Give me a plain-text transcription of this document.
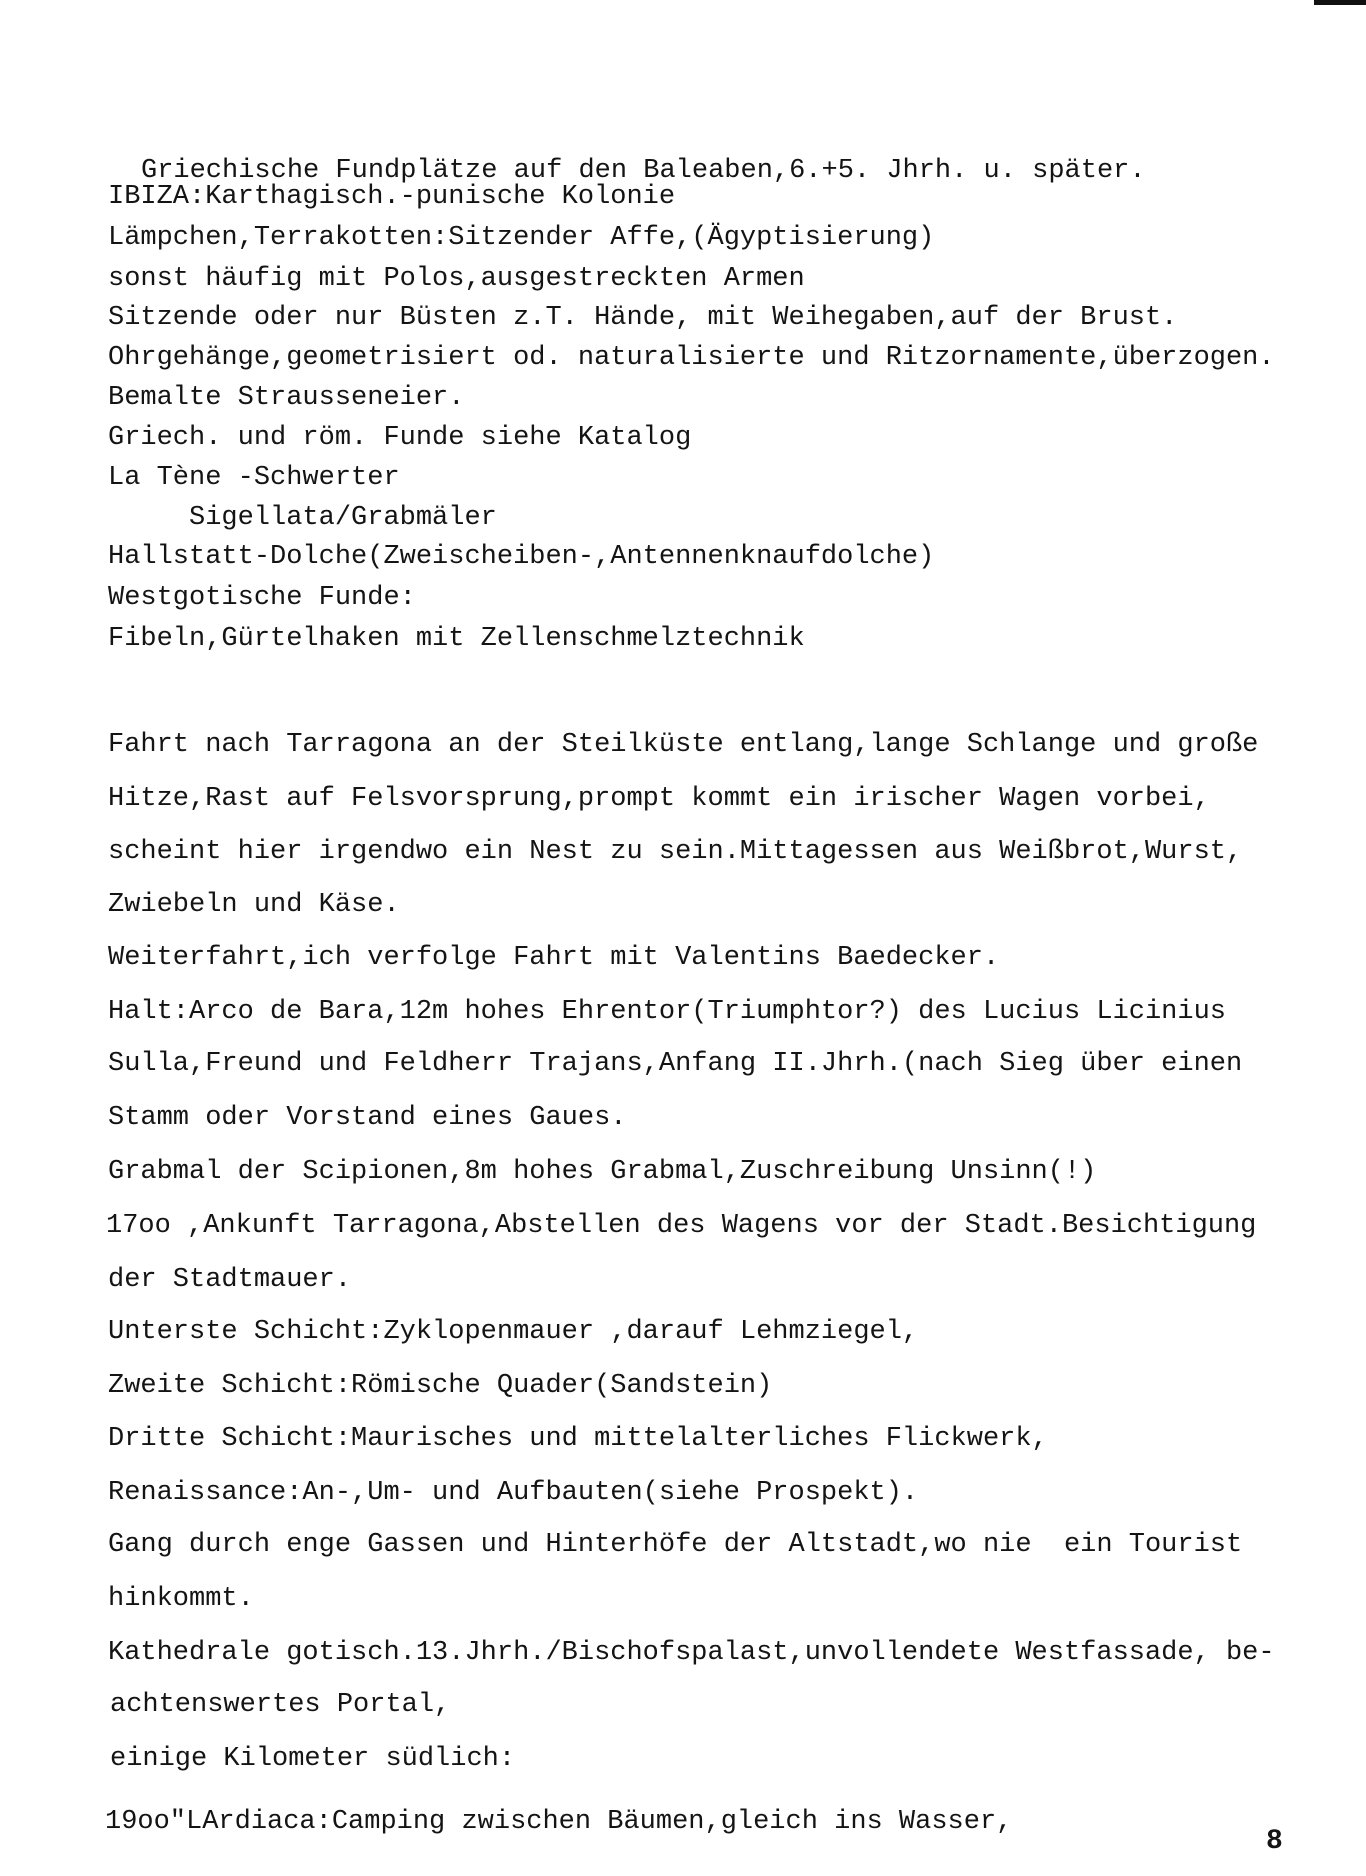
Griechische Fundplätze auf den Baleaben,6.+5. Jhrh. u. später.
IBIZA:Karthagisch.-punische Kolonie
Lämpchen,Terrakotten:Sitzender Affe,(Ägyptisierung)
sonst häufig mit Polos,ausgestreckten Armen
Sitzende oder nur Büsten z.T. Hände, mit Weihegaben,auf der Brust.
Ohrgehänge,geometrisiert od. naturalisierte und Ritzornamente,überzogen.
Bemalte Strausseneier.
Griech. und röm. Funde siehe Katalog
La Tène -Schwerter
Sigellata/Grabmäler
Hallstatt-Dolche(Zweischeiben-,Antennenknaufdolche)
Westgotische Funde:
Fibeln,Gürtelhaken mit Zellenschmelztechnik
Fahrt nach Tarragona an der Steilküste entlang,lange Schlange und große
Hitze,Rast auf Felsvorsprung,prompt kommt ein irischer Wagen vorbei,
scheint hier irgendwo ein Nest zu sein.Mittagessen aus Weißbrot,Wurst,
Zwiebeln und Käse.
Weiterfahrt,ich verfolge Fahrt mit Valentins Baedecker.
Halt:Arco de Bara,12m hohes Ehrentor(Triumphtor?) des Lucius Licinius
Sulla,Freund und Feldherr Trajans,Anfang II.Jhrh.(nach Sieg über einen
Stamm oder Vorstand eines Gaues.
Grabmal der Scipionen,8m hohes Grabmal,Zuschreibung Unsinn(!)
17oo ,Ankunft Tarragona,Abstellen des Wagens vor der Stadt.Besichtigung
der Stadtmauer.
Unterste Schicht:Zyklopenmauer ,darauf Lehmziegel,
Zweite Schicht:Römische Quader(Sandstein)
Dritte Schicht:Maurisches und mittelalterliches Flickwerk,
Renaissance:An-,Um- und Aufbauten(siehe Prospekt).
Gang durch enge Gassen und Hinterhöfe der Altstadt,wo nie  ein Tourist
hinkommt.
Kathedrale gotisch.13.Jhrh./Bischofspalast,unvollendete Westfassade, be-
achtenswertes Portal,
einige Kilometer südlich:
19oo"LArdiaca:Camping zwischen Bäumen,gleich ins Wasser,
8
